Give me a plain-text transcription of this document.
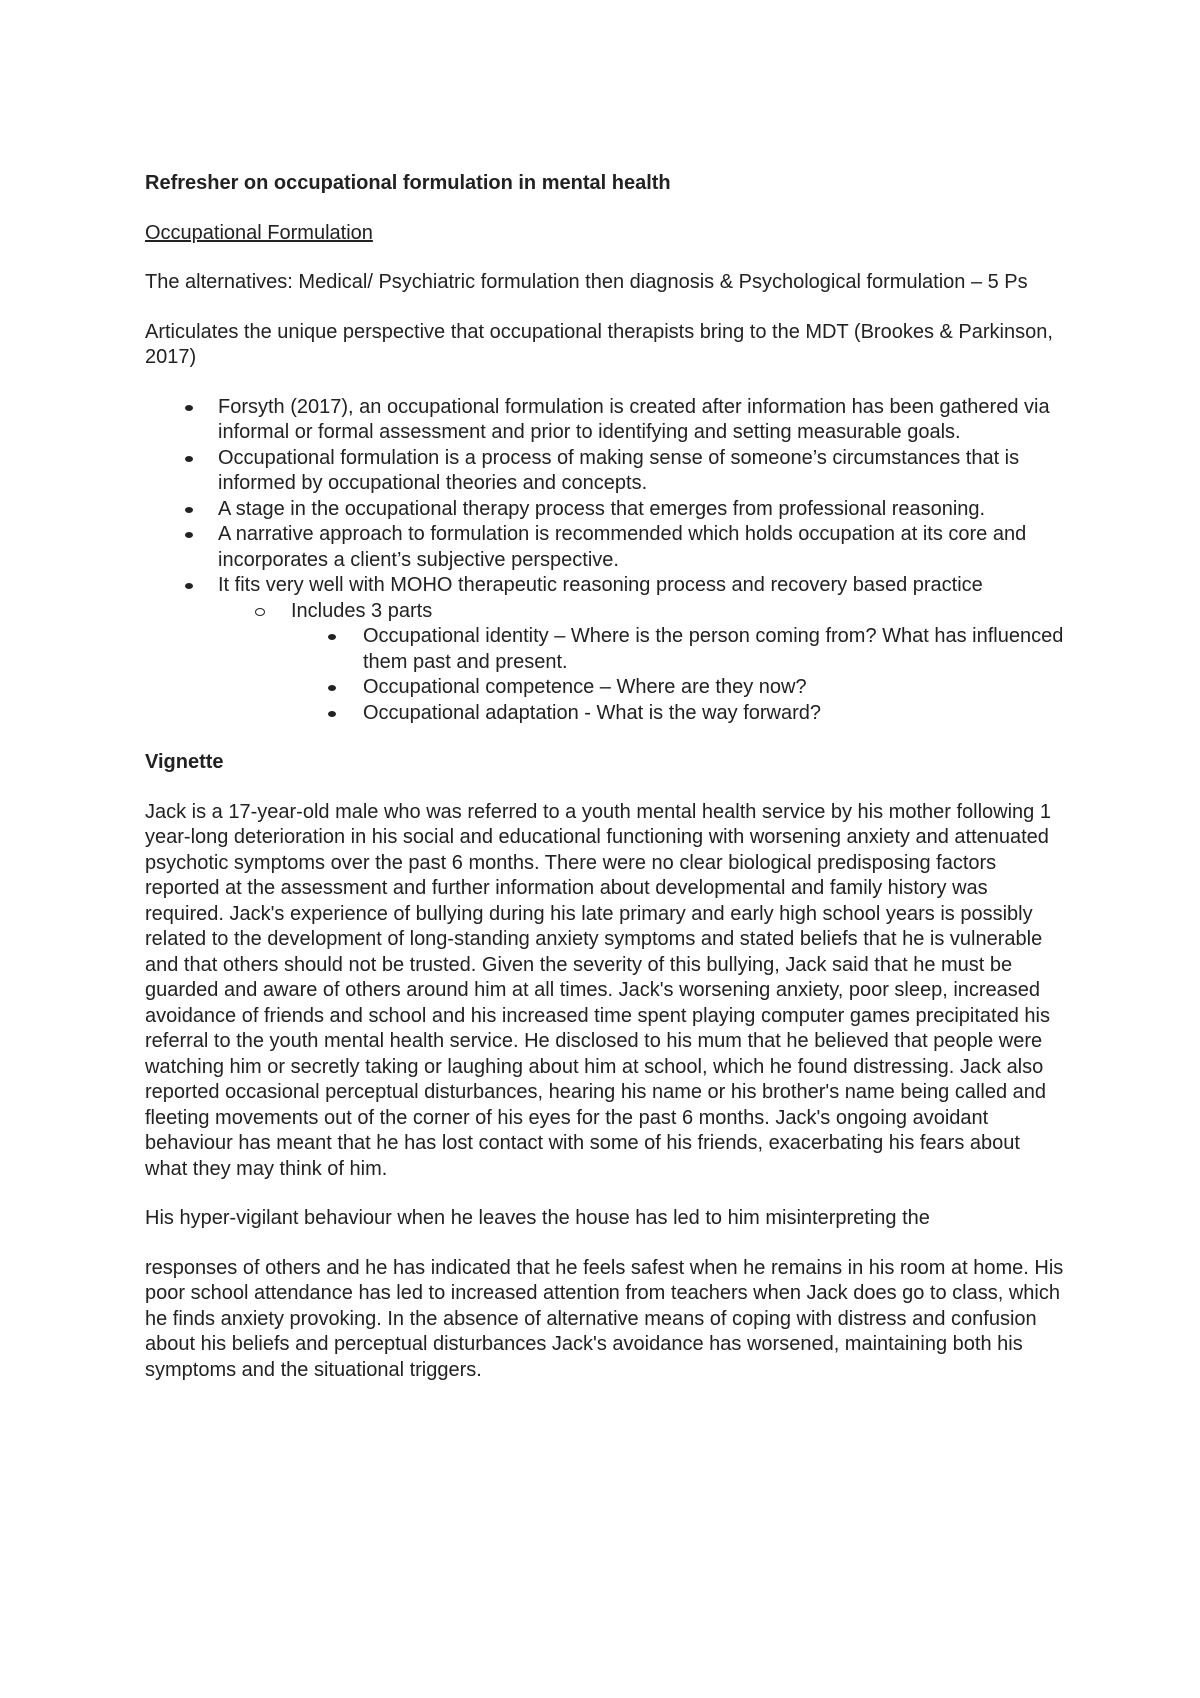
Refresher on occupational formulation in mental health
Occupational Formulation

The alternatives: Medical/ Psychiatric formulation then diagnosis & Psychological formulation – 5 Ps

Articulates the unique perspective that occupational therapists bring to the MDT (Brookes & Parkinson, 2017)

Forsyth (2017), an occupational formulation is created after information has been gathered via informal or formal assessment and prior to identifying and setting measurable goals.
Occupational formulation is a process of making sense of someone’s circumstances that is informed by occupational theories and concepts.
A stage in the occupational therapy process that emerges from professional reasoning.
A narrative approach to formulation is recommended which holds occupation at its core and incorporates a client’s subjective perspective.
It fits very well with MOHO therapeutic reasoning process and recovery based practice
Includes 3 parts
Occupational identity – Where is the person coming from? What has influenced them past and present.
Occupational competence – Where are they now?
Occupational adaptation - What is the way forward?
Vignette

Jack is a 17-year-old male who was referred to a youth mental health service by his mother following 1 year-long deterioration in his social and educational functioning with worsening anxiety and attenuated psychotic symptoms over the past 6 months. There were no clear biological predisposing factors reported at the assessment and further information about developmental and family history was required. Jack's experience of bullying during his late primary and early high school years is possibly related to the development of long-standing anxiety symptoms and stated beliefs that he is vulnerable and that others should not be trusted. Given the severity of this bullying, Jack said that he must be guarded and aware of others around him at all times. Jack's worsening anxiety, poor sleep, increased avoidance of friends and school and his increased time spent playing computer games precipitated his referral to the youth mental health service. He disclosed to his mum that he believed that people were watching him or secretly taking or laughing about him at school, which he found distressing. Jack also reported occasional perceptual disturbances, hearing his name or his brother's name being called and fleeting movements out of the corner of his eyes for the past 6 months. Jack's ongoing avoidant behaviour has meant that he has lost contact with some of his friends, exacerbating his fears about what they may think of him.

His hyper-vigilant behaviour when he leaves the house has led to him misinterpreting the

responses of others and he has indicated that he feels safest when he remains in his room at home. His poor school attendance has led to increased attention from teachers when Jack does go to class, which he finds anxiety provoking. In the absence of alternative means of coping with distress and confusion about his beliefs and perceptual disturbances Jack's avoidance has worsened, maintaining both his symptoms and the situational triggers.
